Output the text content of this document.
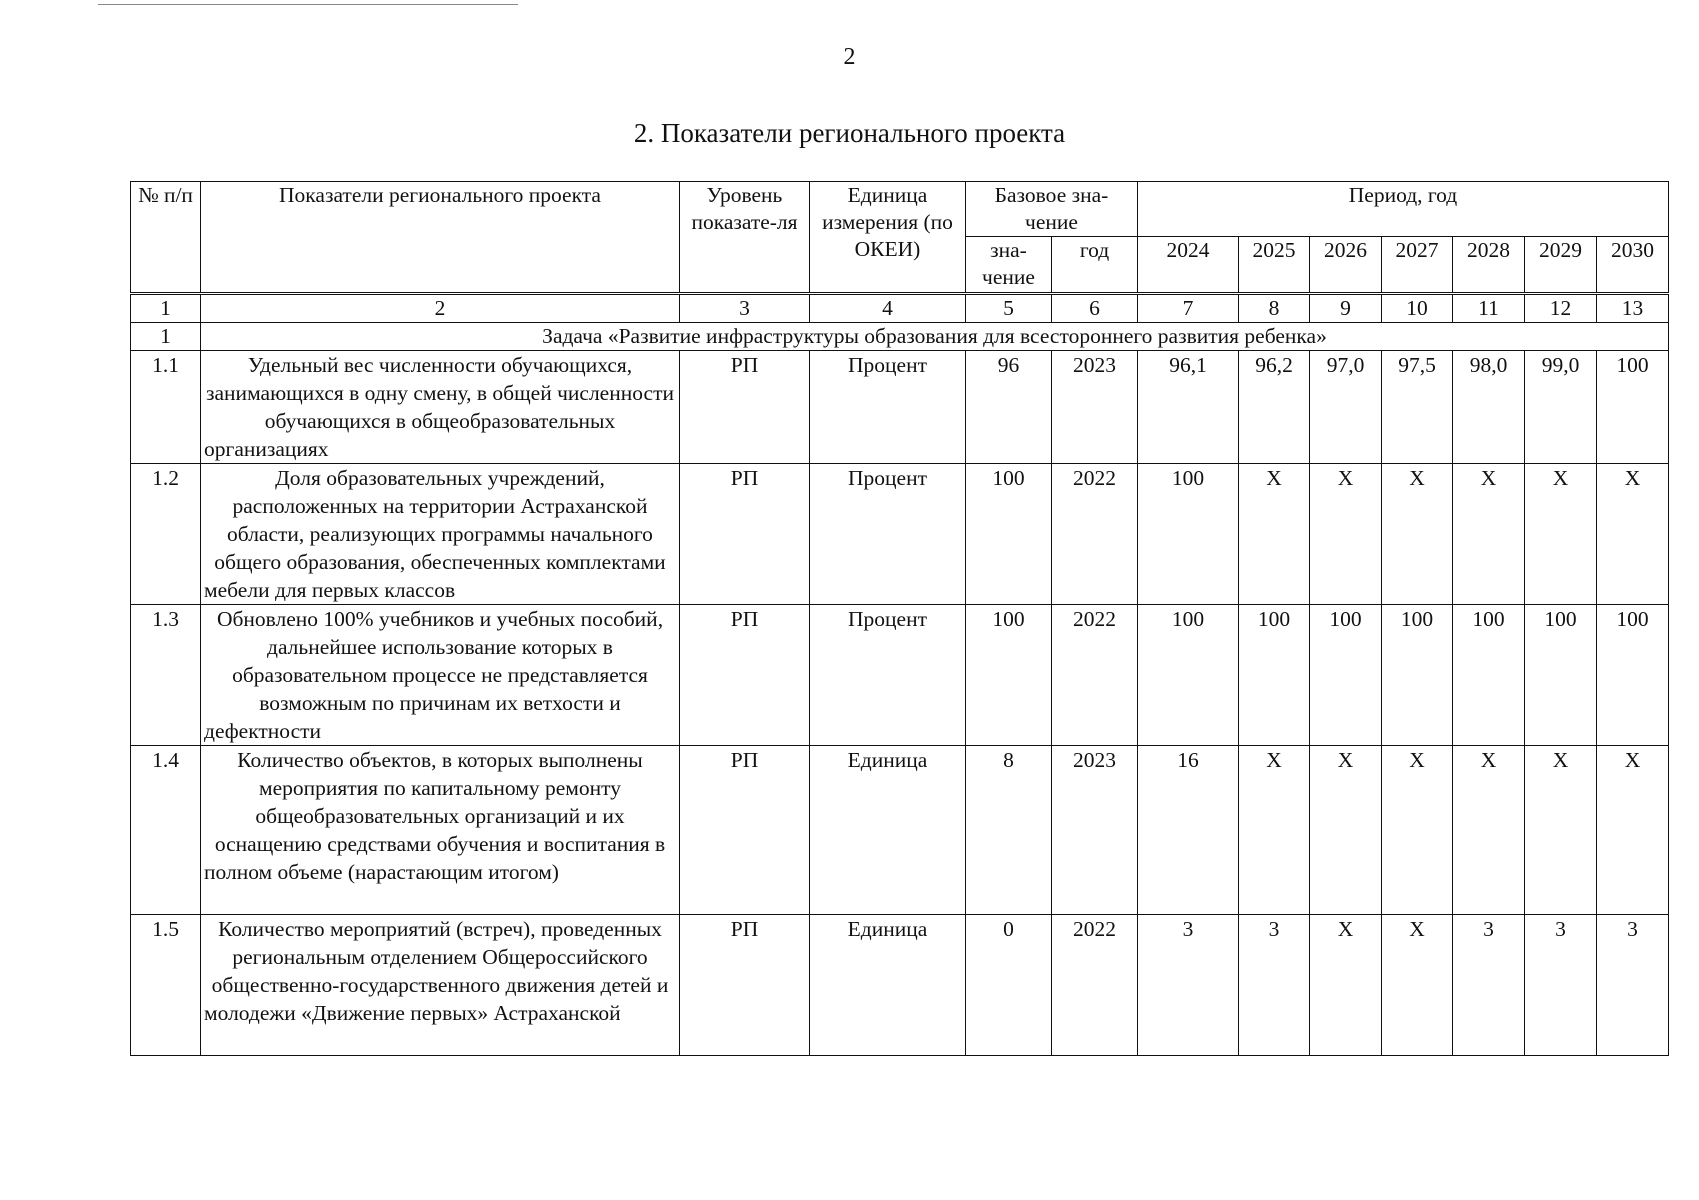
2
2. Показатели регионального проекта
№ п/п	Показатели регионального проекта	Уровень показате-ля	Единица измерения (по ОКЕИ)	Базовое зна-чение		Период, год						
				зна-чение	год	2024	2025	2026	2027	2028	2029	2030
1	2	3	4	5	6	7	8	9	10	11	12	13
1	Задача «Развитие инфраструктуры образования для всестороннего развития ребенка»											
1.1	Удельный вес численности обучающихся, занимающихся в одну смену, в общей численности обучающихся в общеобразовательных организациях	РП	Процент	96	2023	96,1	96,2	97,0	97,5	98,0	99,0	100
1.2	Доля образовательных учреждений, расположенных на территории Астраханской области, реализующих программы начального общего образования, обеспеченных комплектами мебели для первых классов	РП	Процент	100	2022	100	Х	Х	Х	Х	Х	Х
1.3	Обновлено 100% учебников и учебных пособий, дальнейшее использование которых в образовательном процессе не представляется возможным по причинам их ветхости и дефектности	РП	Процент	100	2022	100	100	100	100	100	100	100
1.4	Количество объектов, в которых выполнены мероприятия по капитальному ремонту общеобразовательных организаций и их оснащению средствами обучения и воспитания в полном объеме (нарастающим итогом)	РП	Единица	8	2023	16	Х	Х	Х	Х	Х	Х
1.5	Количество мероприятий (встреч), проведенных региональным отделением Общероссийского общественно-государственного движения детей и молодежи «Движение первых» Астраханской	РП	Единица	0	2022	3	3	Х	Х	3	3	3
